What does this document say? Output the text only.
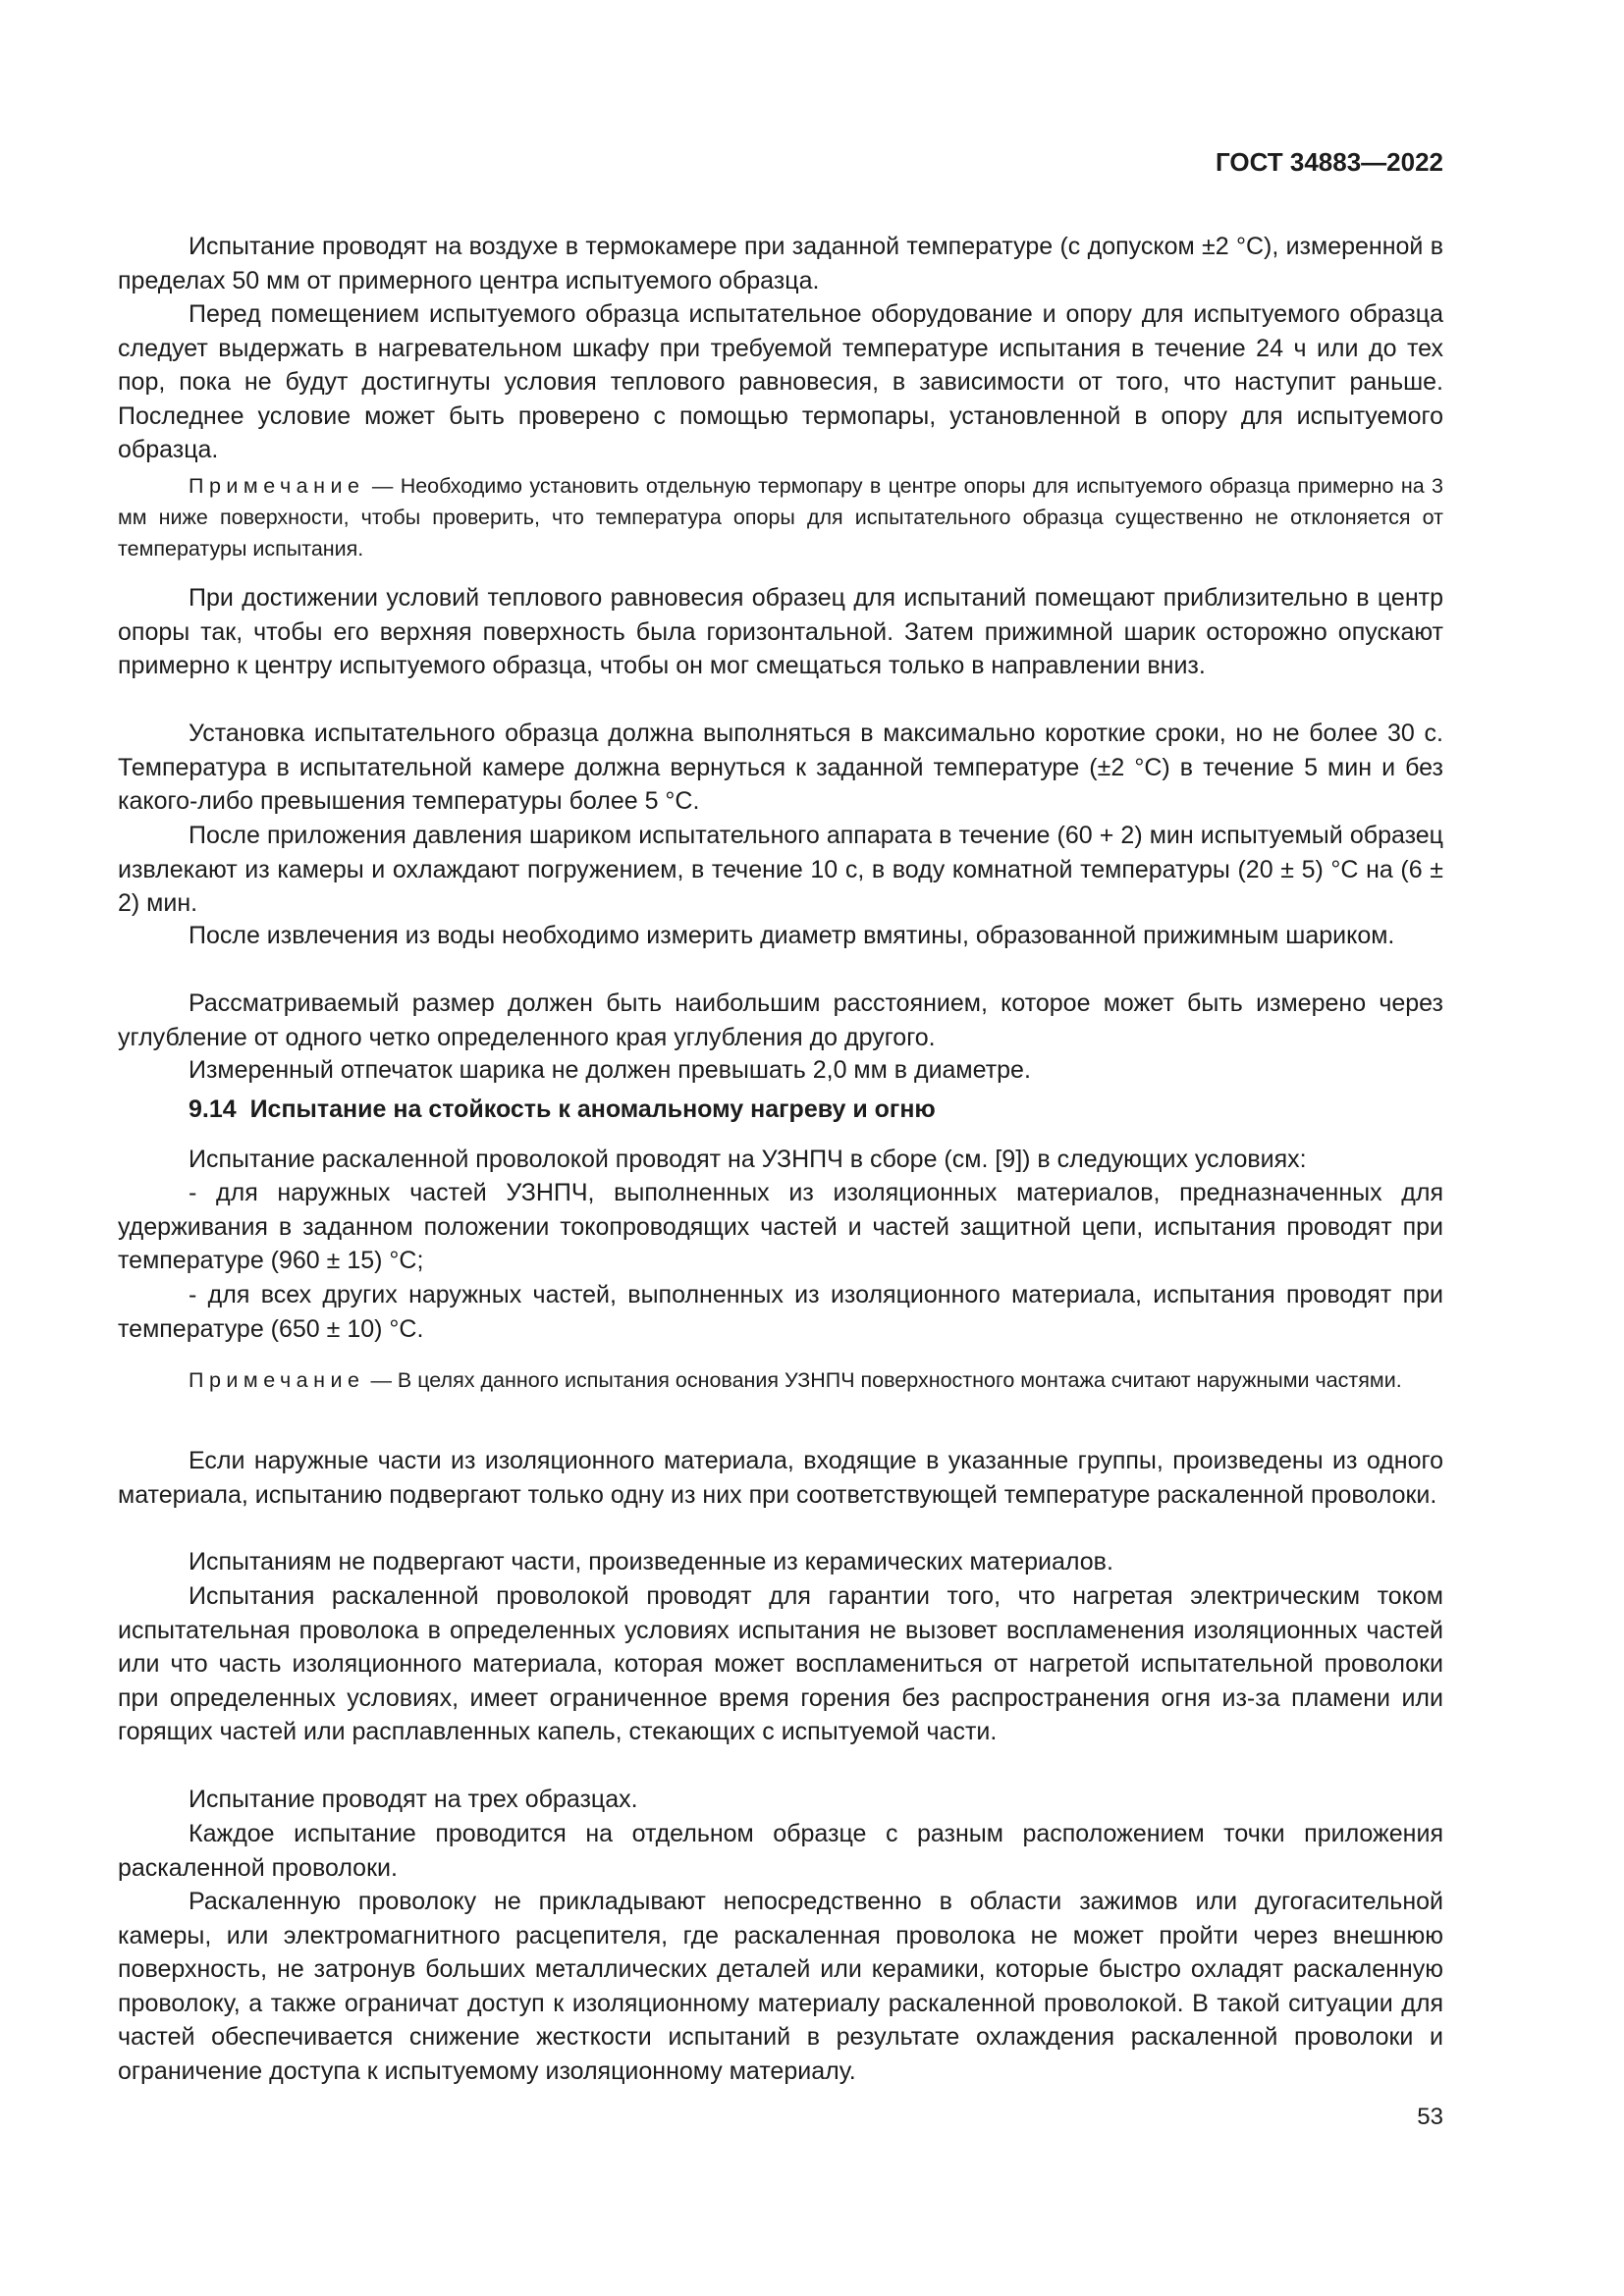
ГОСТ 34883—2022

Испытание проводят на воздухе в термокамере при заданной температуре (с допуском ±2 °C), измеренной в пределах 50 мм от примерного центра испытуемого образца.

Перед помещением испытуемого образца испытательное оборудование и опору для испытуемого образца следует выдержать в нагревательном шкафу при требуемой температуре испытания в течение 24 ч или до тех пор, пока не будут достигнуты условия теплового равновесия, в зависимости от того, что наступит раньше. Последнее условие может быть проверено с помощью термопары, установленной в опору для испытуемого образца.

Примечание — Необходимо установить отдельную термопару в центре опоры для испытуемого образца примерно на 3 мм ниже поверхности, чтобы проверить, что температура опоры для испытательного образца существенно не отклоняется от температуры испытания.

При достижении условий теплового равновесия образец для испытаний помещают приблизительно в центр опоры так, чтобы его верхняя поверхность была горизонтальной. Затем прижимной шарик осторожно опускают примерно к центру испытуемого образца, чтобы он мог смещаться только в направлении вниз.

Установка испытательного образца должна выполняться в максимально короткие сроки, но не более 30 с. Температура в испытательной камере должна вернуться к заданной температуре (±2 °C) в течение 5 мин и без какого-либо превышения температуры более 5 °C.

После приложения давления шариком испытательного аппарата в течение (60 + 2) мин испытуемый образец извлекают из камеры и охлаждают погружением, в течение 10 с, в воду комнатной температуры (20 ± 5) °C на (6 ± 2) мин.

После извлечения из воды необходимо измерить диаметр вмятины, образованной прижимным шариком.

Рассматриваемый размер должен быть наибольшим расстоянием, которое может быть измерено через углубление от одного четко определенного края углубления до другого.

Измеренный отпечаток шарика не должен превышать 2,0 мм в диаметре.

9.14 Испытание на стойкость к аномальному нагреву и огню

Испытание раскаленной проволокой проводят на УЗНПЧ в сборе (см. [9]) в следующих условиях:

- для наружных частей УЗНПЧ, выполненных из изоляционных материалов, предназначенных для удерживания в заданном положении токопроводящих частей и частей защитной цепи, испытания проводят при температуре (960 ± 15) °C;

- для всех других наружных частей, выполненных из изоляционного материала, испытания проводят при температуре (650 ± 10) °C.

Примечание — В целях данного испытания основания УЗНПЧ поверхностного монтажа считают наружными частями.

Если наружные части из изоляционного материала, входящие в указанные группы, произведены из одного материала, испытанию подвергают только одну из них при соответствующей температуре раскаленной проволоки.

Испытаниям не подвергают части, произведенные из керамических материалов.

Испытания раскаленной проволокой проводят для гарантии того, что нагретая электрическим током испытательная проволока в определенных условиях испытания не вызовет воспламенения изоляционных частей или что часть изоляционного материала, которая может воспламениться от нагретой испытательной проволоки при определенных условиях, имеет ограниченное время горения без распространения огня из-за пламени или горящих частей или расплавленных капель, стекающих с испытуемой части.

Испытание проводят на трех образцах.

Каждое испытание проводится на отдельном образце с разным расположением точки приложения раскаленной проволоки.

Раскаленную проволоку не прикладывают непосредственно в области зажимов или дугогасительной камеры, или электромагнитного расцепителя, где раскаленная проволока не может пройти через внешнюю поверхность, не затронув больших металлических деталей или керамики, которые быстро охладят раскаленную проволоку, а также ограничат доступ к изоляционному материалу раскаленной проволокой. В такой ситуации для частей обеспечивается снижение жесткости испытаний в результате охлаждения раскаленной проволоки и ограничение доступа к испытуемому изоляционному материалу.

53
